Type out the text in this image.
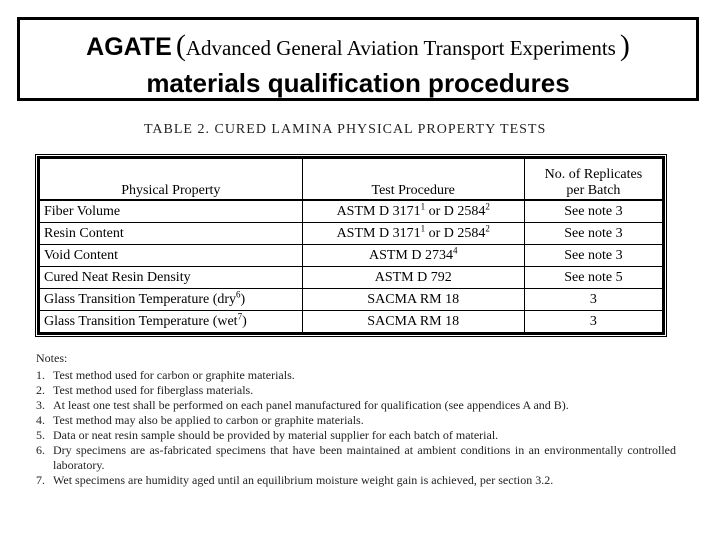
AGATE (Advanced General Aviation Transport Experiments )
materials qualification procedures
TABLE 2. CURED LAMINA PHYSICAL PROPERTY TESTS
Physical Property	Test Procedure	No. of Replicates
per Batch
Fiber Volume	ASTM D 3171$^1$ or D 2584$^2$	See note 3
Resin Content	ASTM D 3171$^1$ or D 2584$^2$	See note 3
Void Content	ASTM D 2734$^4$	See note 3
Cured Neat Resin Density	ASTM D 792	See note 5
Glass Transition Temperature (dry$^6$)	SACMA RM 18	3
Glass Transition Temperature (wet$^7$)	SACMA RM 18	3
Notes:
1. Test method used for carbon or graphite materials.
2. Test method used for fiberglass materials.
3. At least one test shall be performed on each panel manufactured for qualification (see appendices A and B).
4. Test method may also be applied to carbon or graphite materials.
5. Data or neat resin sample should be provided by material supplier for each batch of material.
6. Dry specimens are as-fabricated specimens that have been maintained at ambient conditions in an environmentally controlled laboratory.
7. Wet specimens are humidity aged until an equilibrium moisture weight gain is achieved, per section 3.2.
